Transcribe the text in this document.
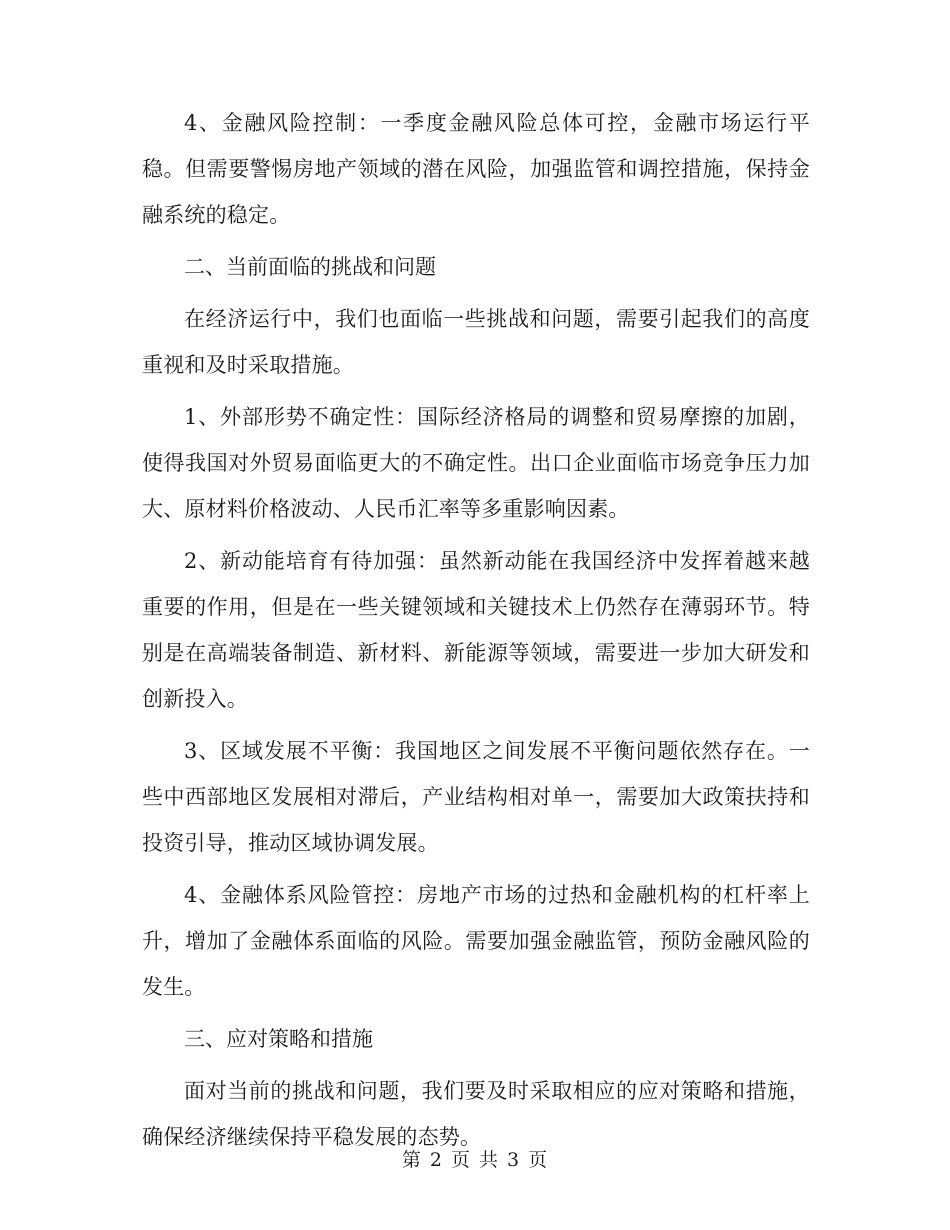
4、金融风险控制：一季度金融风险总体可控，金融市场运行平稳。但需要警惕房地产领域的潜在风险，加强监管和调控措施，保持金融系统的稳定。

二、当前面临的挑战和问题

在经济运行中，我们也面临一些挑战和问题，需要引起我们的高度重视和及时采取措施。

1、外部形势不确定性：国际经济格局的调整和贸易摩擦的加剧，使得我国对外贸易面临更大的不确定性。出口企业面临市场竞争压力加大、原材料价格波动、人民币汇率等多重影响因素。

2、新动能培育有待加强：虽然新动能在我国经济中发挥着越来越重要的作用，但是在一些关键领域和关键技术上仍然存在薄弱环节。特别是在高端装备制造、新材料、新能源等领域，需要进一步加大研发和创新投入。

3、区域发展不平衡：我国地区之间发展不平衡问题依然存在。一些中西部地区发展相对滞后，产业结构相对单一，需要加大政策扶持和投资引导，推动区域协调发展。

4、金融体系风险管控：房地产市场的过热和金融机构的杠杆率上升，增加了金融体系面临的风险。需要加强金融监管，预防金融风险的发生。

三、应对策略和措施

面对当前的挑战和问题，我们要及时采取相应的应对策略和措施，确保经济继续保持平稳发展的态势。

第 2 页 共 3 页
